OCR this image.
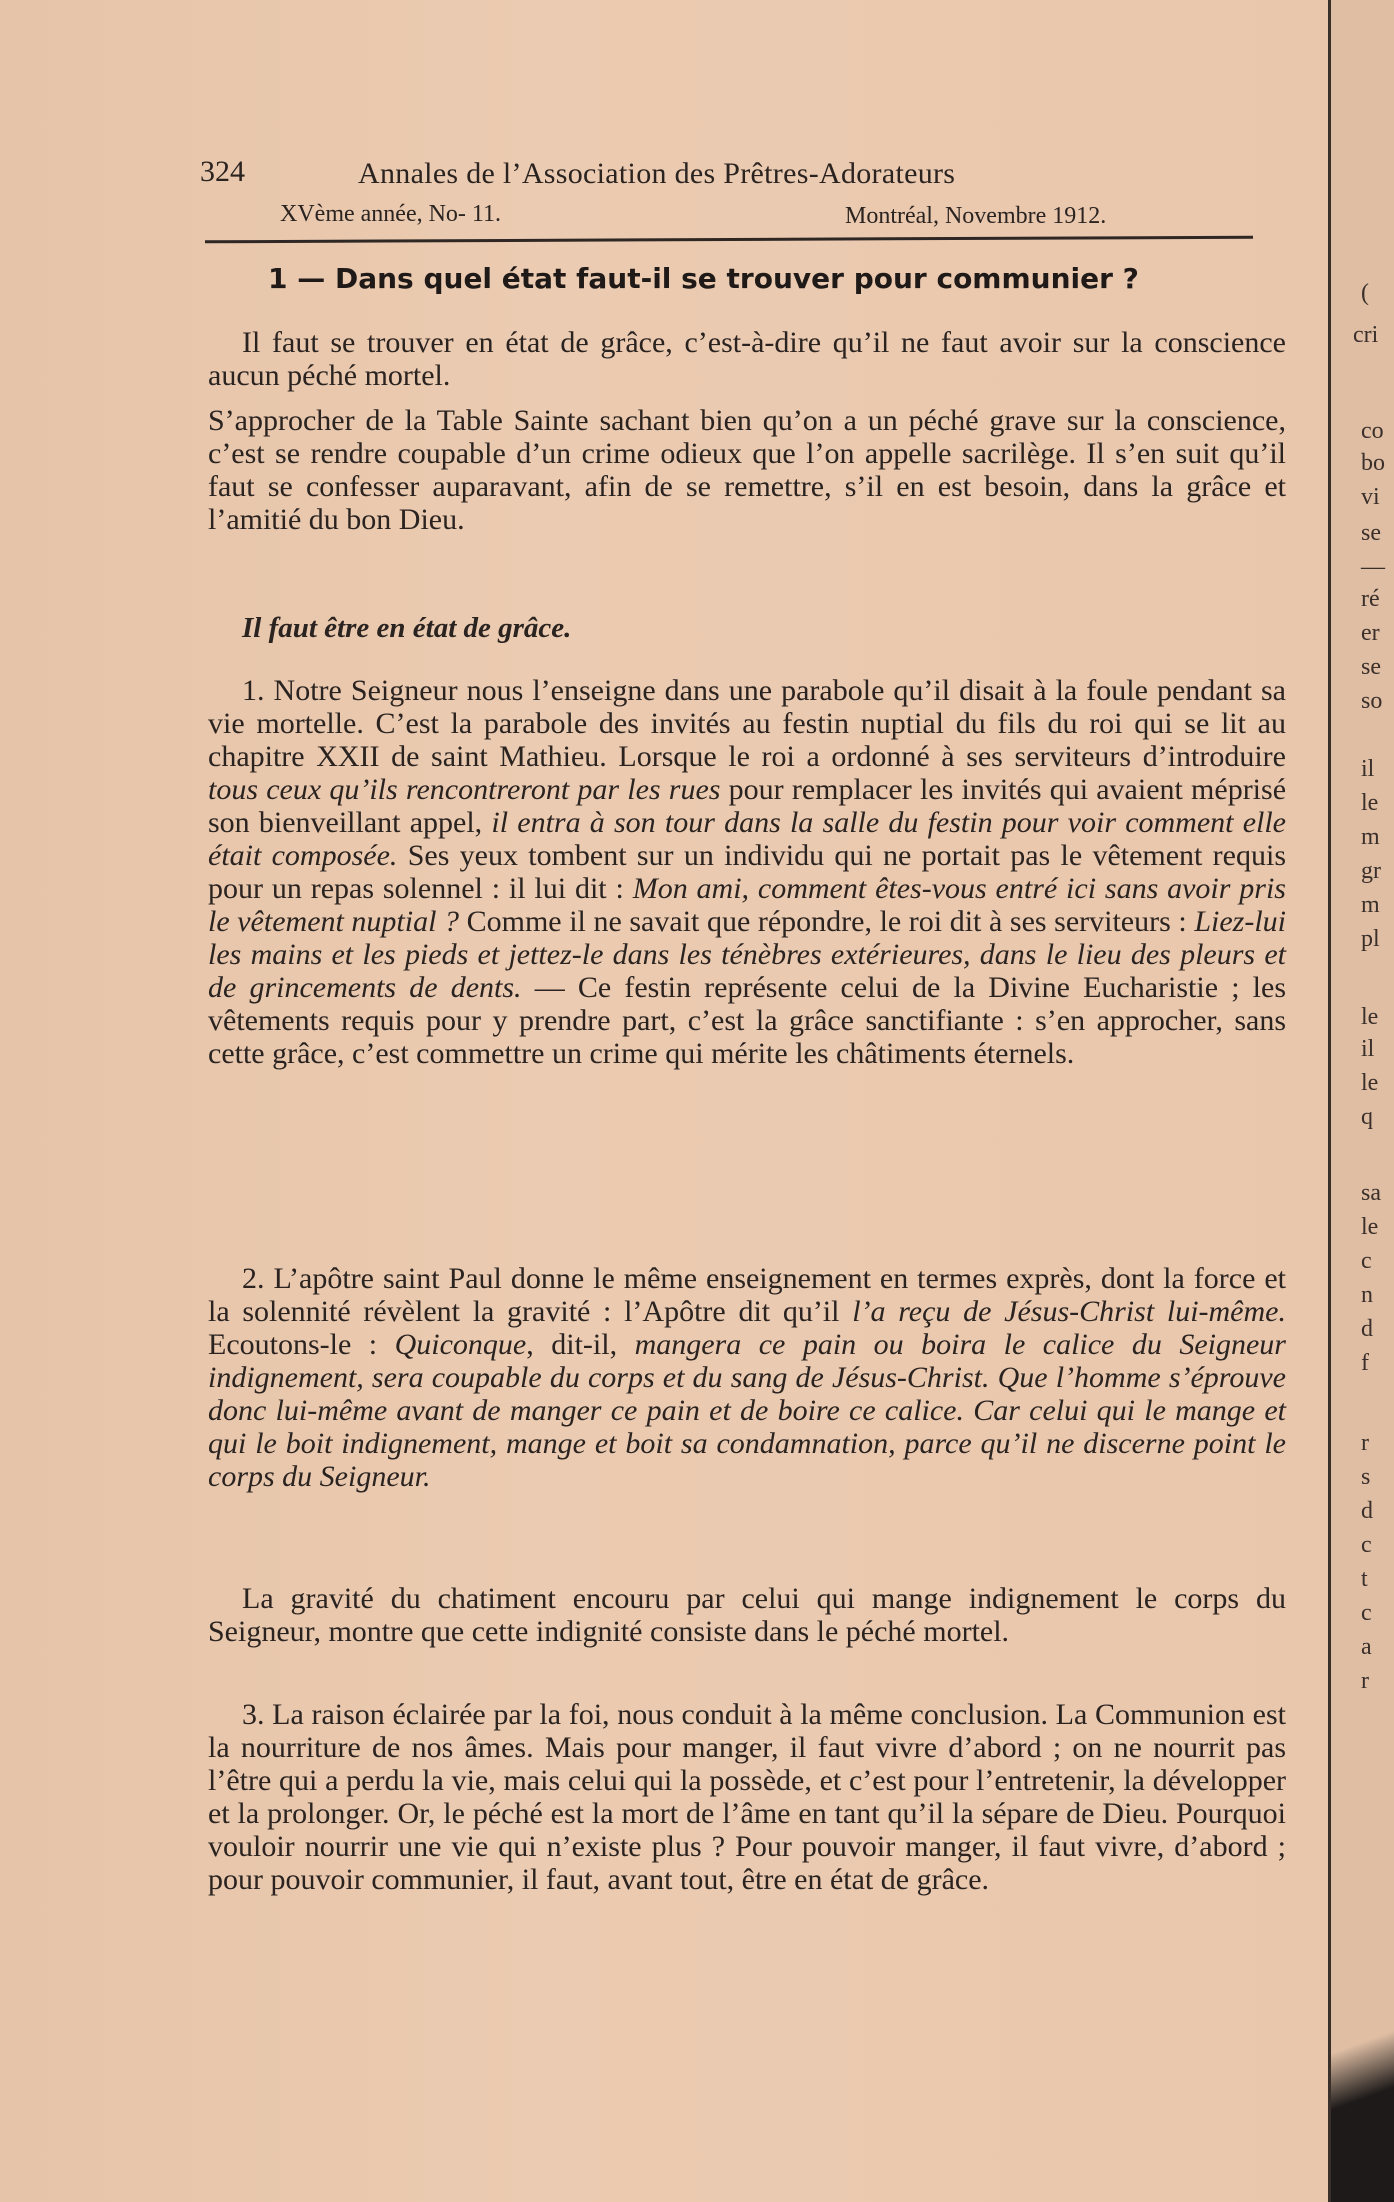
324	Annales de l’Association des Prêtres-Adorateurs
XVème année, No- 11.	Montréal, Novembre 1912.
1 — Dans quel état faut-il se trouver pour communier ?
Il faut se trouver en état de grâce, c’est-à-dire qu’il ne faut avoir sur la conscience aucun péché mortel.
S’approcher de la Table Sainte sachant bien qu’on a un péché grave sur la conscience, c’est se rendre coupable d’un crime odieux que l’on appelle sacrilège. Il s’en suit qu’il faut se confesser auparavant, afin de se remettre, s’il en est besoin, dans la grâce et l’amitié du bon Dieu.
Il faut être en état de grâce.
1. Notre Seigneur nous l’enseigne dans une parabole qu’il disait à la foule pendant sa vie mortelle. C’est la parabole des invités au festin nuptial du fils du roi qui se lit au chapitre XXII de saint Mathieu. Lorsque le roi a ordonné à ses serviteurs d’introduire tous ceux qu’ils rencontreront par les rues pour remplacer les invités qui avaient méprisé son bienveillant appel, il entra à son tour dans la salle du festin pour voir comment elle était composée. Ses yeux tombent sur un individu qui ne portait pas le vêtement requis pour un repas solennel : il lui dit : Mon ami, comment êtes-vous entré ici sans avoir pris le vêtement nuptial ? Comme il ne savait que répondre, le roi dit à ses serviteurs : Liez-lui les mains et les pieds et jettez-le dans les ténèbres extérieures, dans le lieu des pleurs et de grincements de dents. — Ce festin représente celui de la Divine Eucharistie ; les vêtements requis pour y prendre part, c’est la grâce sanctifiante : s’en approcher, sans cette grâce, c’est commettre un crime qui mérite les châtiments éternels.
2. L’apôtre saint Paul donne le même enseignement en termes exprès, dont la force et la solennité révèlent la gravité : l’Apôtre dit qu’il l’a reçu de Jésus-Christ lui-même. Ecoutons-le : Quiconque, dit-il, mangera ce pain ou boira le calice du Seigneur indignement, sera coupable du corps et du sang de Jésus-Christ. Que l’homme s’éprouve donc lui-même avant de manger ce pain et de boire ce calice. Car celui qui le mange et qui le boit indignement, mange et boit sa condamnation, parce qu’il ne discerne point le corps du Seigneur.
La gravité du chatiment encouru par celui qui mange indignement le corps du Seigneur, montre que cette indignité consiste dans le péché mortel.
3. La raison éclairée par la foi, nous conduit à la même conclusion. La Communion est la nourriture de nos âmes. Mais pour manger, il faut vivre d’abord ; on ne nourrit pas l’être qui a perdu la vie, mais celui qui la possède, et c’est pour l’entretenir, la développer et la prolonger. Or, le péché est la mort de l’âme en tant qu’il la sépare de Dieu. Pourquoi vouloir nourrir une vie qui n’existe plus ? Pour pouvoir manger, il faut vivre, d’abord ; pour pouvoir communier, il faut, avant tout, être en état de grâce.
(
cri
co
bo
vi
se
—
ré
er
se
so
il
le
m
gr
m
pl
le
il
le
q
sa
le
c
n
d
f
r
s
d
c
t
c
a
r
